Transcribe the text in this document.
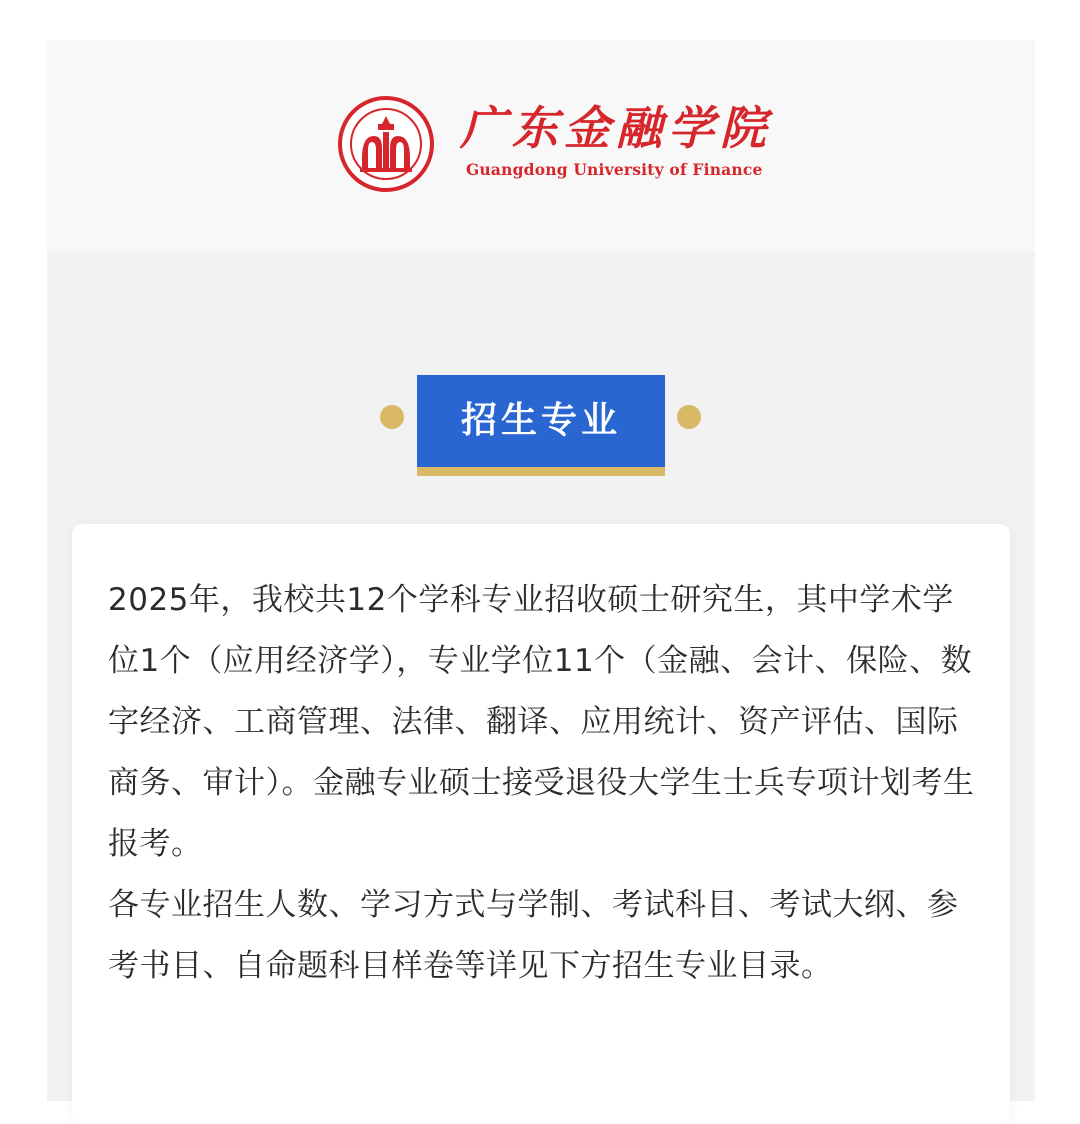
广东金融学院
Guangdong University of Finance
招生专业

2025年，我校共12个学科专业招收硕士研究生，其中学术学位1个（应用经济学），专业学位11个（金融、会计、保险、数字经济、工商管理、法律、翻译、应用统计、资产评估、国际商务、审计）。金融专业硕士接受退役大学生士兵专项计划考生报考。

各专业招生人数、学习方式与学制、考试科目、考试大纲、参考书目、自命题科目样卷等详见下方招生专业目录。
